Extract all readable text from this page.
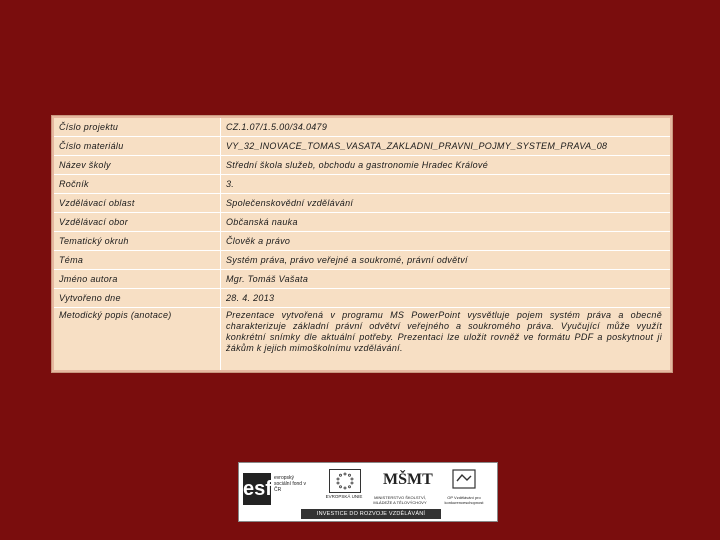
Číslo projektu	CZ.1.07/1.5.00/34.0479
Číslo materiálu	VY_32_INOVACE_TOMAS_VASATA_ZAKLADNI_PRAVNI_POJMY_SYSTEM_PRAVA_08
Název školy	Střední škola služeb, obchodu a gastronomie Hradec Králové
Ročník	3.
Vzdělávací oblast	Společenskovědní vzdělávání
Vzdělávací obor	Občanská nauka
Tematický okruh	Člověk a právo
Téma	Systém práva, právo veřejné a soukromé, právní odvětví
Jméno autora	Mgr. Tomáš Vašata
Vytvořeno dne	28. 4. 2013
Metodický popis (anotace)	Prezentace vytvořená v programu MS PowerPoint vysvětluje pojem systém práva a obecně charakterizuje základní právní odvětví veřejného a soukromého práva. Vyučující může využít konkrétní snímky dle aktuální potřeby. Prezentaci lze uložit rovněž ve formátu PDF a poskytnout ji žákům k jejich mimoškolnímu vzdělávání.
esf evropský sociální fond v ČR
EVROPSKÁ UNIE
MŠMT
MINISTERSTVO ŠKOLSTVÍ, MLÁDEŽE A TĚLOVÝCHOVY
OP Vzdělávání pro konkurenceschopnost
INVESTICE DO ROZVOJE VZDĚLÁVÁNÍ
